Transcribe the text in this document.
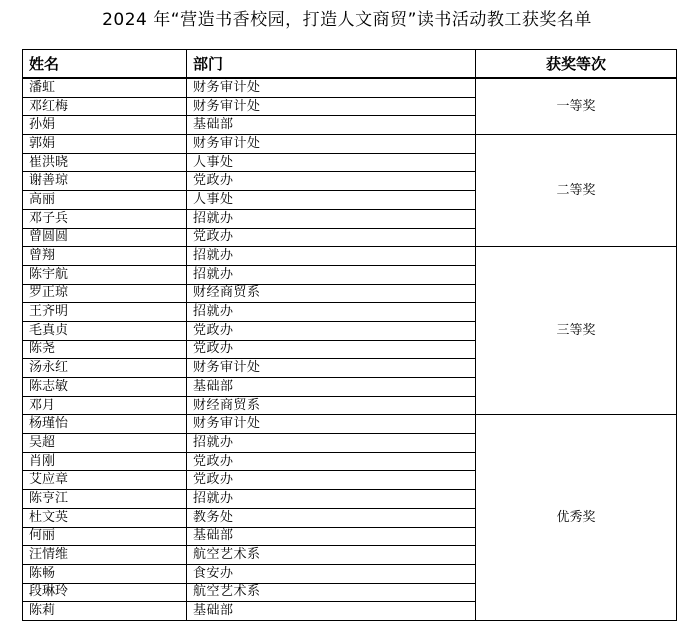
2024 年“营造书香校园，打造人文商贸”读书活动教工获奖名单
姓名	部门	获奖等次
潘虹	财务审计处	一等奖
邓红梅	财务审计处	
孙娟	基础部	
郭娟	财务审计处	二等奖
崔洪晓	人事处	
谢善琼	党政办	
高丽	人事处	
邓子兵	招就办	
曾圆圆	党政办	
曾翔	招就办	三等奖
陈宇航	招就办	
罗正琼	财经商贸系	
王齐明	招就办	
毛真贞	党政办	
陈尧	党政办	
汤永红	财务审计处	
陈志敏	基础部	
邓月	财经商贸系	
杨瑾怡	财务审计处	优秀奖
吴超	招就办	
肖刚	党政办	
艾应章	党政办	
陈亨江	招就办	
杜文英	教务处	
何丽	基础部	
汪情维	航空艺术系	
陈畅	食安办	
段琳玲	航空艺术系	
陈莉	基础部	
